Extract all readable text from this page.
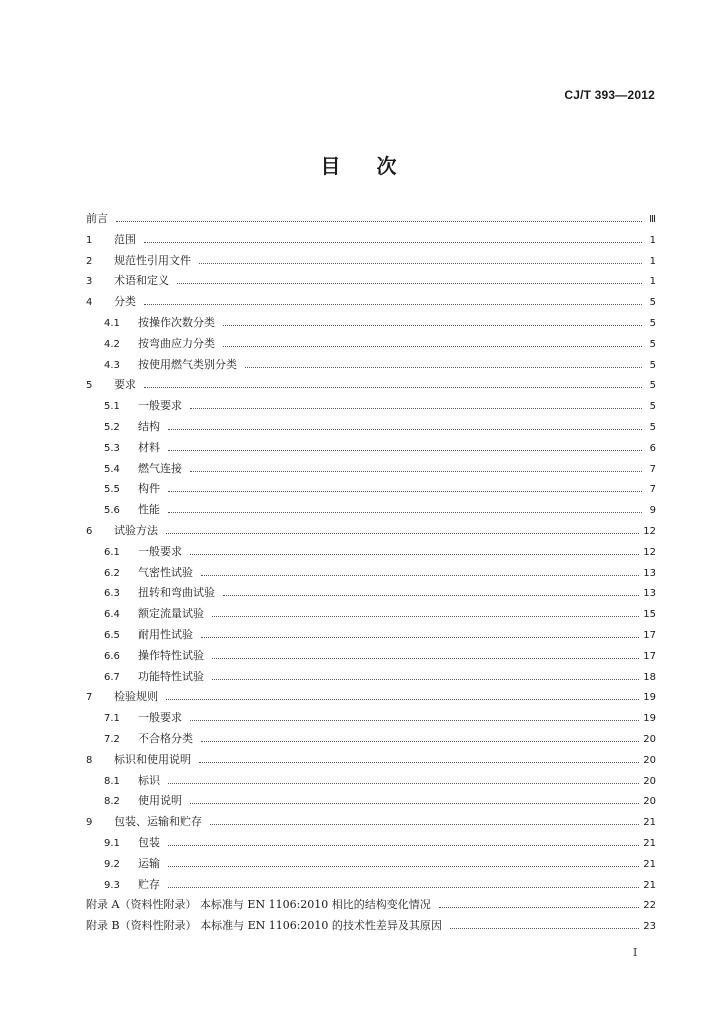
CJ/T 393—2012
目 次
前言	Ⅲ
1	范围	1
2	规范性引用文件	1
3	术语和定义	1
4	分类	5
4.1	按操作次数分类	5
4.2	按弯曲应力分类	5
4.3	按使用燃气类别分类	5
5	要求	5
5.1	一般要求	5
5.2	结构	5
5.3	材料	6
5.4	燃气连接	7
5.5	构件	7
5.6	性能	9
6	试验方法	12
6.1	一般要求	12
6.2	气密性试验	13
6.3	扭转和弯曲试验	13
6.4	额定流量试验	15
6.5	耐用性试验	17
6.6	操作特性试验	17
6.7	功能特性试验	18
7	检验规则	19
7.1	一般要求	19
7.2	不合格分类	20
8	标识和使用说明	20
8.1	标识	20
8.2	使用说明	20
9	包装、运输和贮存	21
9.1	包装	21
9.2	运输	21
9.3	贮存	21
附录 A（资料性附录） 本标准与 EN 1106:2010 相比的结构变化情况	22
附录 B（资料性附录） 本标准与 EN 1106:2010 的技术性差异及其原因	23
I
